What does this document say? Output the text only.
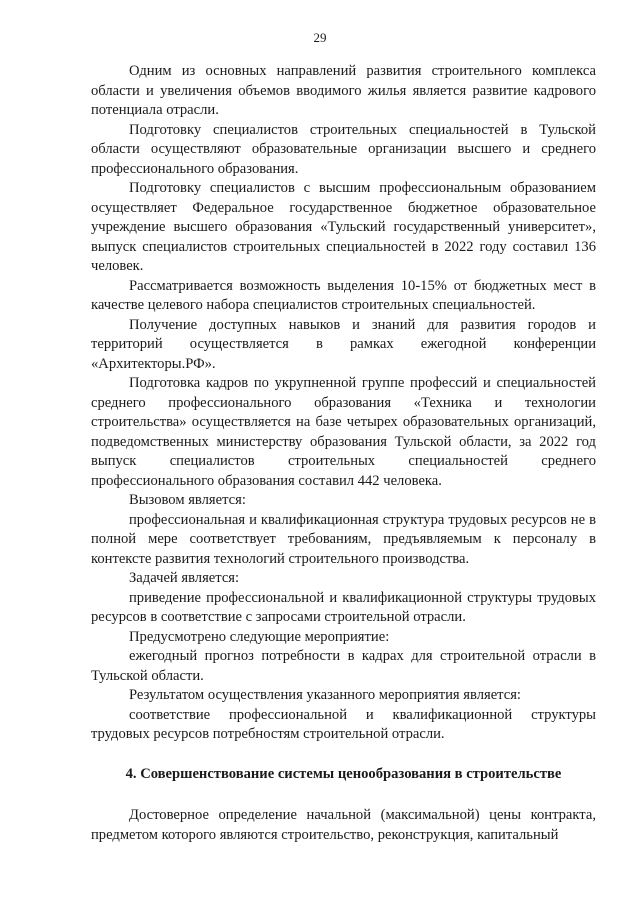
29

Одним из основных направлений развития строительного комплекса области и увеличения объемов вводимого жилья является развитие кадрового потенциала отрасли.

Подготовку специалистов строительных специальностей в Тульской области осуществляют образовательные организации высшего и среднего профессионального образования.

Подготовку специалистов с высшим профессиональным образованием осуществляет Федеральное государственное бюджетное образовательное учреждение высшего образования «Тульский государственный университет», выпуск специалистов строительных специальностей в 2022 году составил 136 человек.

Рассматривается возможность выделения 10-15% от бюджетных мест в качестве целевого набора специалистов строительных специальностей.

Получение доступных навыков и знаний для развития городов и территорий осуществляется в рамках ежегодной конференции «Архитекторы.РФ».

Подготовка кадров по укрупненной группе профессий и специальностей среднего профессионального образования «Техника и технологии строительства» осуществляется на базе четырех образовательных организаций, подведомственных министерству образования Тульской области, за 2022 год выпуск специалистов строительных специальностей среднего профессионального образования составил 442 человека.

Вызовом является:

профессиональная и квалификационная структура трудовых ресурсов не в полной мере соответствует требованиям, предъявляемым к персоналу в контексте развития технологий строительного производства.

Задачей является:

приведение профессиональной и квалификационной структуры трудовых ресурсов в соответствие с запросами строительной отрасли.

Предусмотрено следующие мероприятие:

ежегодный прогноз потребности в кадрах для строительной отрасли в Тульской области.

Результатом осуществления указанного мероприятия является:

соответствие профессиональной и квалификационной структуры трудовых ресурсов потребностям строительной отрасли.

4. Совершенствование системы ценообразования в строительстве

Достоверное определение начальной (максимальной) цены контракта, предметом которого являются строительство, реконструкция, капитальный
